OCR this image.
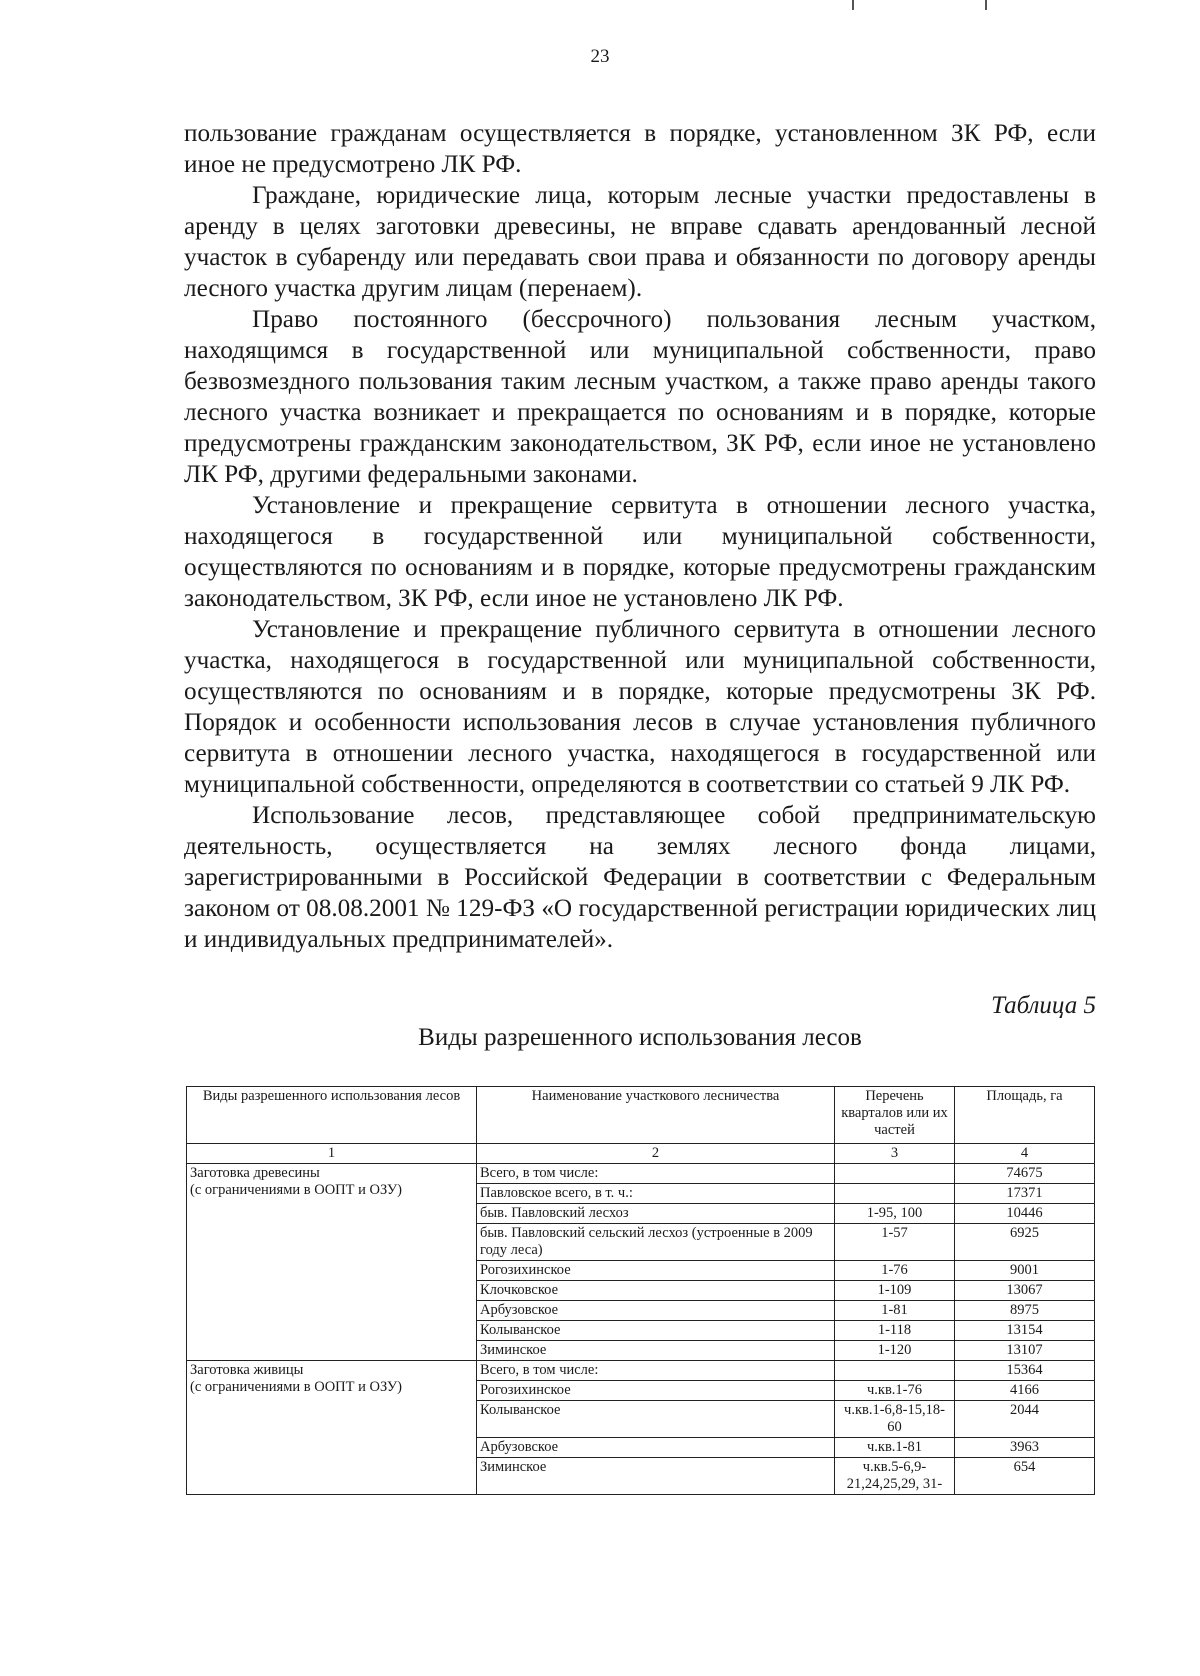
23

пользование гражданам осуществляется в порядке, установленном ЗК РФ, если иное не предусмотрено ЛК РФ.

Граждане, юридические лица, которым лесные участки предоставлены в аренду в целях заготовки древесины, не вправе сдавать арендованный лесной участок в субаренду или передавать свои права и обязанности по договору аренды лесного участка другим лицам (перенаем).

Право постоянного (бессрочного) пользования лесным участком, находящимся в государственной или муниципальной собственности, право безвозмездного пользования таким лесным участком, а также право аренды такого лесного участка возникает и прекращается по основаниям и в порядке, которые предусмотрены гражданским законодательством, ЗК РФ, если иное не установлено ЛК РФ, другими федеральными законами.

Установление и прекращение сервитута в отношении лесного участка, находящегося в государственной или муниципальной собственности, осуществляются по основаниям и в порядке, которые предусмотрены гражданским законодательством, ЗК РФ, если иное не установлено ЛК РФ.

Установление и прекращение публичного сервитута в отношении лесного участка, находящегося в государственной или муниципальной собственности, осуществляются по основаниям и в порядке, которые предусмотрены ЗК РФ. Порядок и особенности использования лесов в случае установления публичного сервитута в отношении лесного участка, находящегося в государственной или муниципальной собственности, определяются в соответствии со статьей 9 ЛК РФ.

Использование лесов, представляющее собой предпринимательскую деятельность, осуществляется на землях лесного фонда лицами, зарегистрированными в Российской Федерации в соответствии с Федеральным законом от 08.08.2001 № 129-ФЗ «О государственной регистрации юридических лиц и индивидуальных предпринимателей».

Таблица 5
Виды разрешенного использования лесов
Виды разрешенного использования лесов	Наименование участкового лесничества	Перечень кварталов или их частей	Площадь, га
1	2	3	4

Заготовка древесины
(с ограничениями в ООПТ и ОЗУ)	Всего, в том числе:		74675
	Павловское всего, в т. ч.:		17371
	быв. Павловский лесхоз	1-95, 100	10446
	быв. Павловский сельский лесхоз (устроенные в 2009 году леса)	1-57	6925
	Рогозихинское	1-76	9001
	Клочковское	1-109	13067
	Арбузовское	1-81	8975
	Колыванское	1-118	13154
	Зиминское	1-120	13107

Заготовка живицы
(с ограничениями в ООПТ и ОЗУ)	Всего, в том числе:		15364
	Рогозихинское	ч.кв.1-76	4166
	Колыванское	ч.кв.1-6,8-15,18-60	2044
	Арбузовское	ч.кв.1-81	3963
	Зиминское	ч.кв.5-6,9-21,24,25,29, 31-	654
